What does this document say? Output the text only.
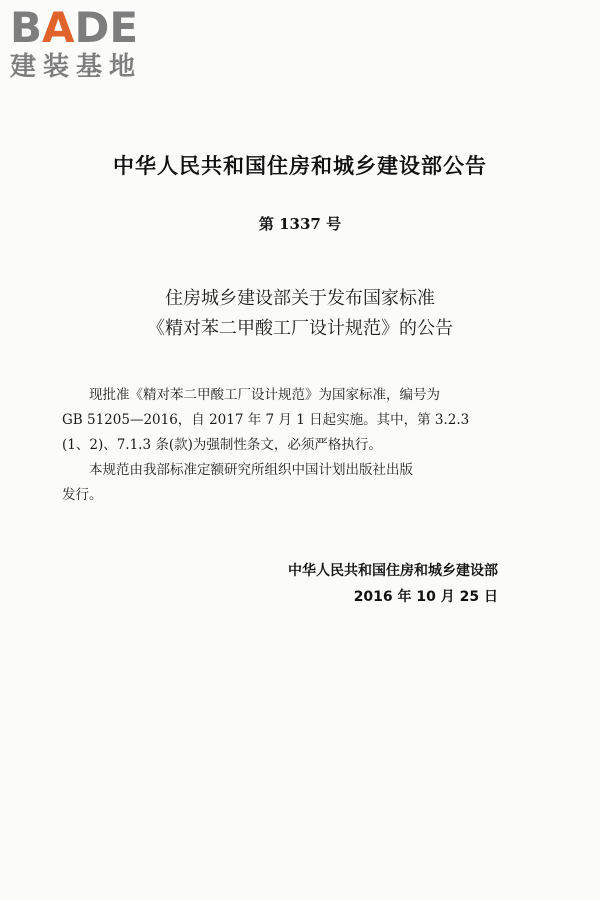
BADE
建装基地
中华人民共和国住房和城乡建设部公告
第 1337 号
住房城乡建设部关于发布国家标准
《精对苯二甲酸工厂设计规范》的公告
现批准《精对苯二甲酸工厂设计规范》为国家标准，编号为
GB 51205—2016，自 2017 年 7 月 1 日起实施。其中，第 3.2.3
(1、2)、7.1.3 条(款)为强制性条文，必须严格执行。
本规范由我部标准定额研究所组织中国计划出版社出版
发行。
中华人民共和国住房和城乡建设部
2016 年 10 月 25 日
